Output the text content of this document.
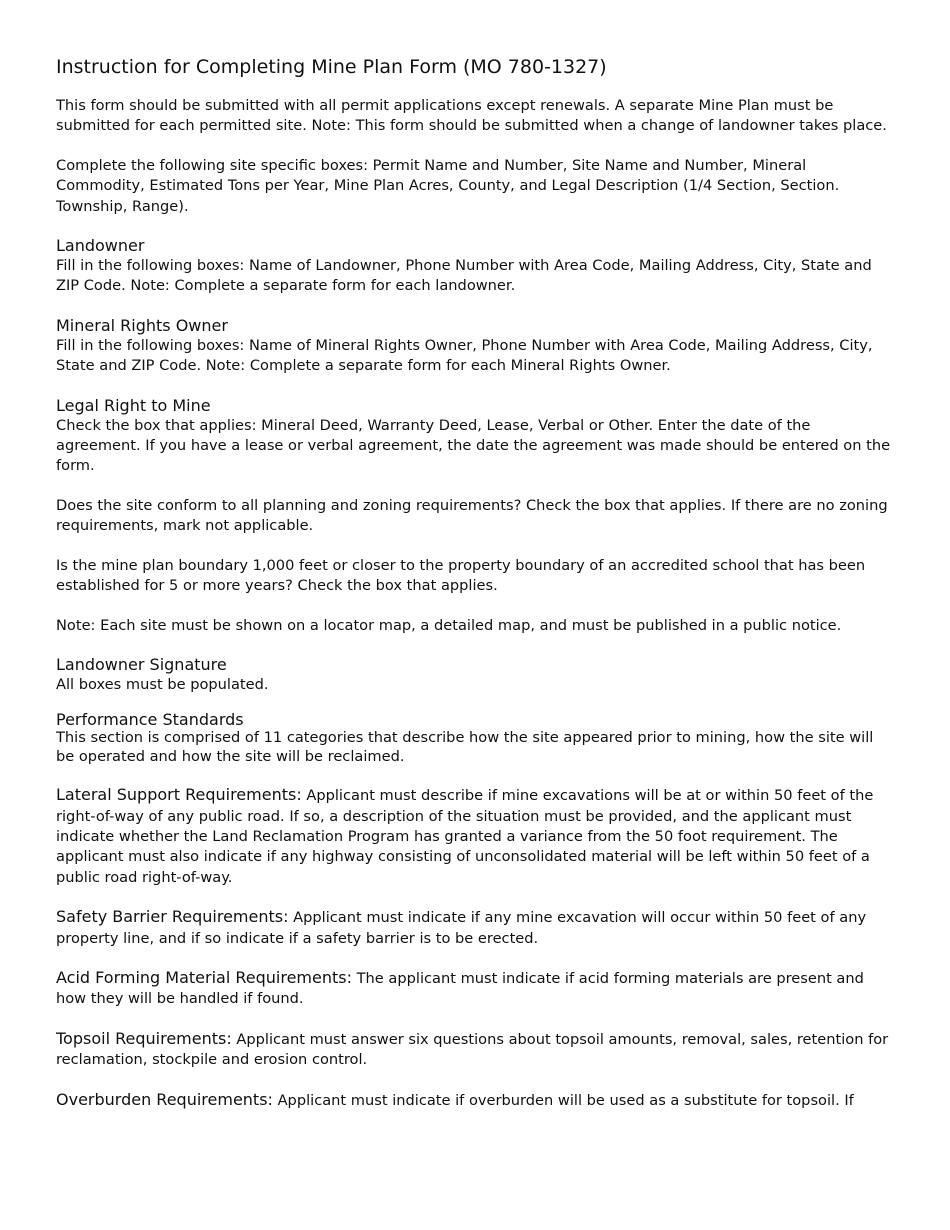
Instruction for Completing Mine Plan Form (MO 780-1327)

This form should be submitted with all permit applications except renewals. A separate Mine Plan must be submitted for each permitted site. Note: This form should be submitted when a change of landowner takes place.

Complete the following site specific boxes: Permit Name and Number, Site Name and Number, Mineral Commodity, Estimated Tons per Year, Mine Plan Acres, County, and Legal Description (1/4 Section, Section. Township, Range).

Landowner

Fill in the following boxes: Name of Landowner, Phone Number with Area Code, Mailing Address, City, State and ZIP Code. Note: Complete a separate form for each landowner.

Mineral Rights Owner

Fill in the following boxes: Name of Mineral Rights Owner, Phone Number with Area Code, Mailing Address, City, State and ZIP Code. Note: Complete a separate form for each Mineral Rights Owner.

Legal Right to Mine

Check the box that applies: Mineral Deed, Warranty Deed, Lease, Verbal or Other. Enter the date of the agreement. If you have a lease or verbal agreement, the date the agreement was made should be entered on the form.

Does the site conform to all planning and zoning requirements? Check the box that applies. If there are no zoning requirements, mark not applicable.

Is the mine plan boundary 1,000 feet or closer to the property boundary of an accredited school that has been established for 5 or more years? Check the box that applies.

Note: Each site must be shown on a locator map, a detailed map, and must be published in a public notice.

Landowner Signature

All boxes must be populated.

Performance Standards

This section is comprised of 11 categories that describe how the site appeared prior to mining, how the site will be operated and how the site will be reclaimed.

Lateral Support Requirements: Applicant must describe if mine excavations will be at or within 50 feet of the right-of-way of any public road. If so, a description of the situation must be provided, and the applicant must indicate whether the Land Reclamation Program has granted a variance from the 50 foot requirement. The applicant must also indicate if any highway consisting of unconsolidated material will be left within 50 feet of a public road right-of-way.

Safety Barrier Requirements: Applicant must indicate if any mine excavation will occur within 50 feet of any property line, and if so indicate if a safety barrier is to be erected.

Acid Forming Material Requirements: The applicant must indicate if acid forming materials are present and how they will be handled if found.

Topsoil Requirements: Applicant must answer six questions about topsoil amounts, removal, sales, retention for reclamation, stockpile and erosion control.

Overburden Requirements: Applicant must indicate if overburden will be used as a substitute for topsoil. If
